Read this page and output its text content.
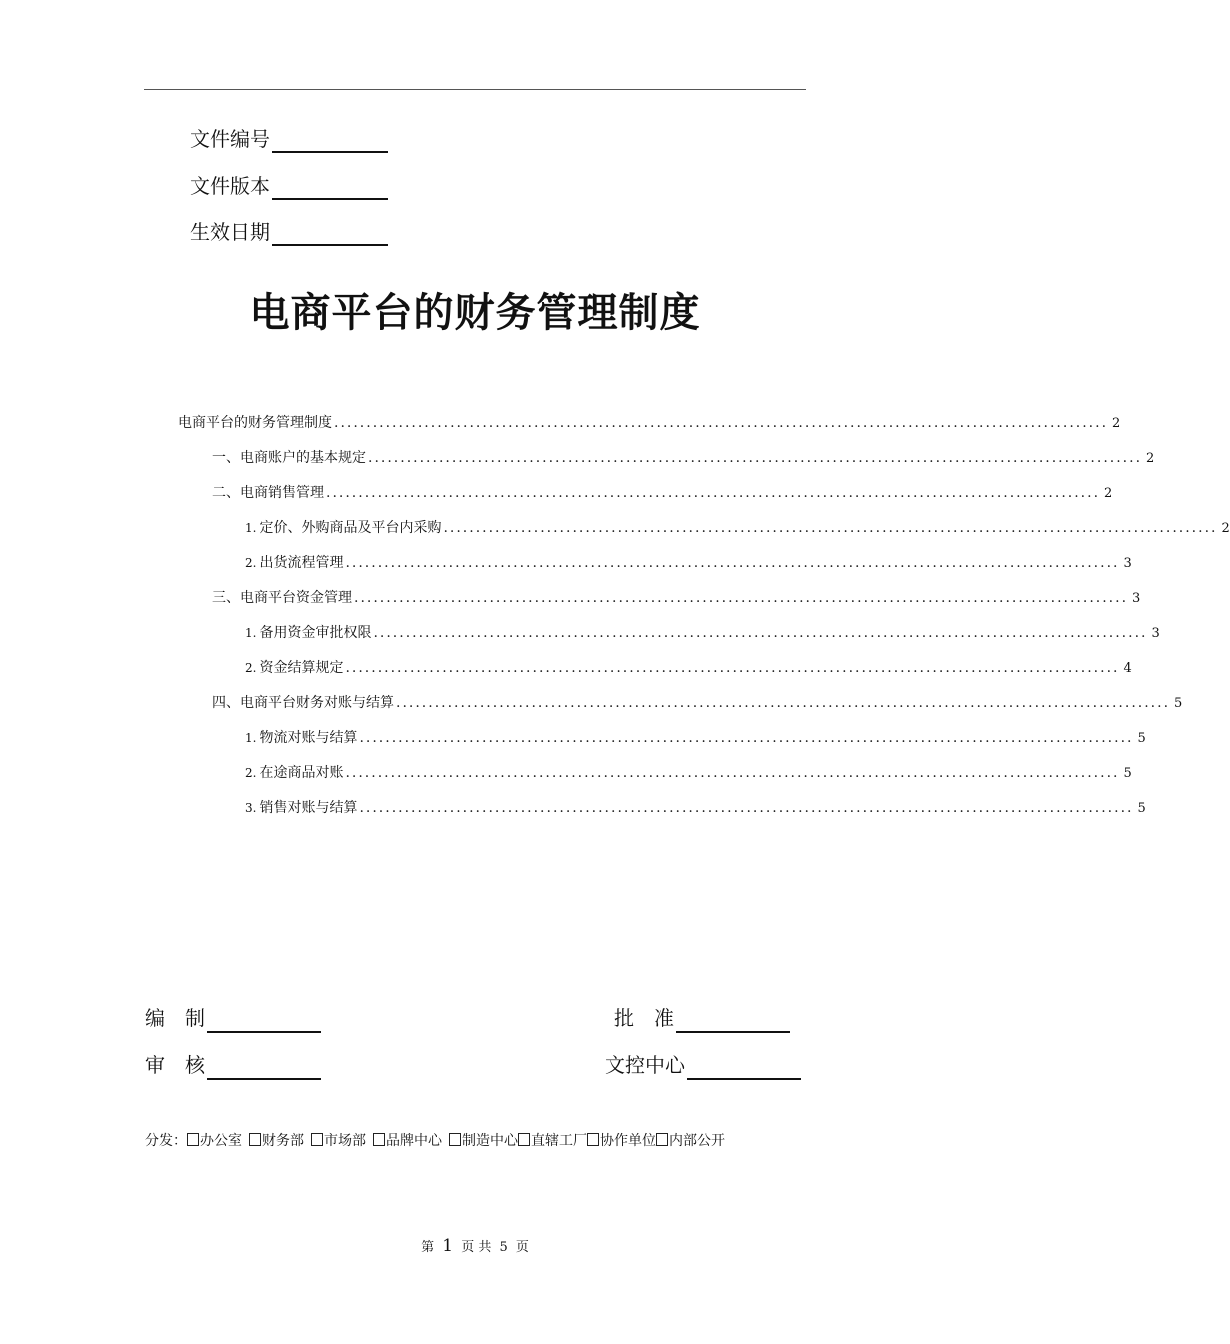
文件编号
文件版本
生效日期
电商平台的财务管理制度
电商平台的财务管理制度 ........................................................................................................................ 2
一、电商账户的基本规定 ........................................................................................................................ 2
二、电商销售管理 ........................................................................................................................ 2
1. 定价、外购商品及平台内采购 ........................................................................................................................ 2
2. 出货流程管理 ........................................................................................................................ 3
三、电商平台资金管理 ........................................................................................................................ 3
1. 备用资金审批权限 ........................................................................................................................ 3
2. 资金结算规定 ........................................................................................................................ 4
四、电商平台财务对账与结算 ........................................................................................................................ 5
1. 物流对账与结算 ........................................................................................................................ 5
2. 在途商品对账 ........................................................................................................................ 5
3. 销售对账与结算 ........................................................................................................................ 5
编　制	批　准
审　核	文控中心
分发： 办公室 财务部 市场部 品牌中心 制造中心 直辖工厂 协作单位 内部公开
第 1 页 共 5 页
